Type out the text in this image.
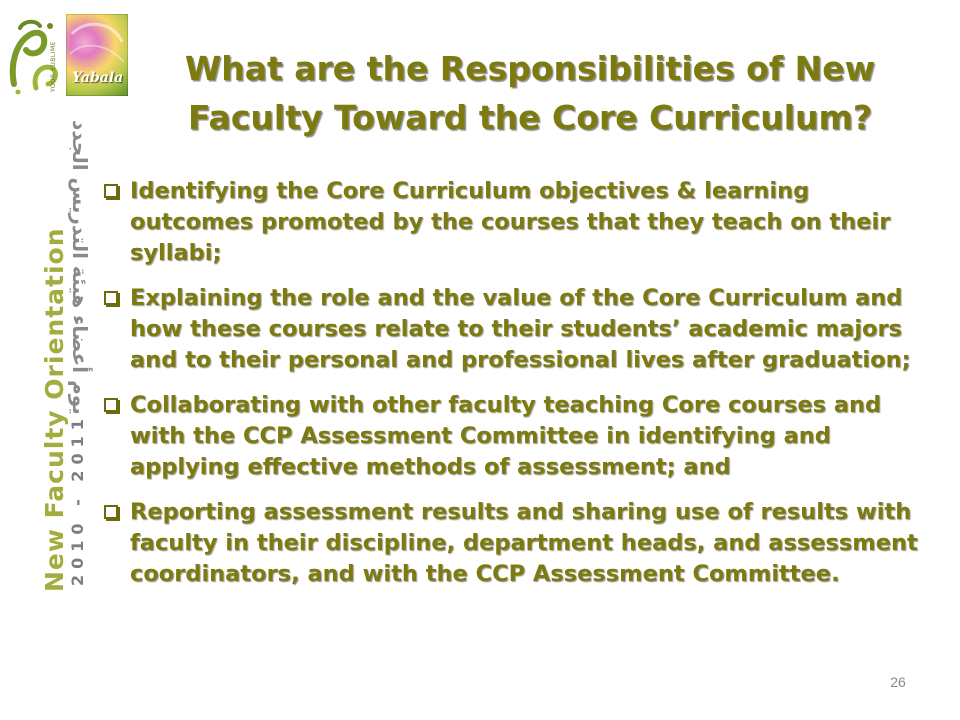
YOUR SUBLIME Yabala
New Faculty Orientation 2010 - 2011
يوم أعضاء هيئة التدريس الجدد
What are the Responsibilities of New
Faculty Toward the Core Curriculum?
Identifying the Core Curriculum objectives & learning outcomes promoted by the courses that they teach on their syllabi;
Explaining the role and the value of the Core Curriculum and how these courses relate to their students’ academic majors and to their personal and professional lives after graduation;
Collaborating with other faculty teaching Core courses and with the CCP Assessment Committee in identifying and applying effective methods of assessment; and
Reporting assessment results and sharing use of results with faculty in their discipline, department heads, and assessment coordinators, and with the CCP Assessment Committee.
26
